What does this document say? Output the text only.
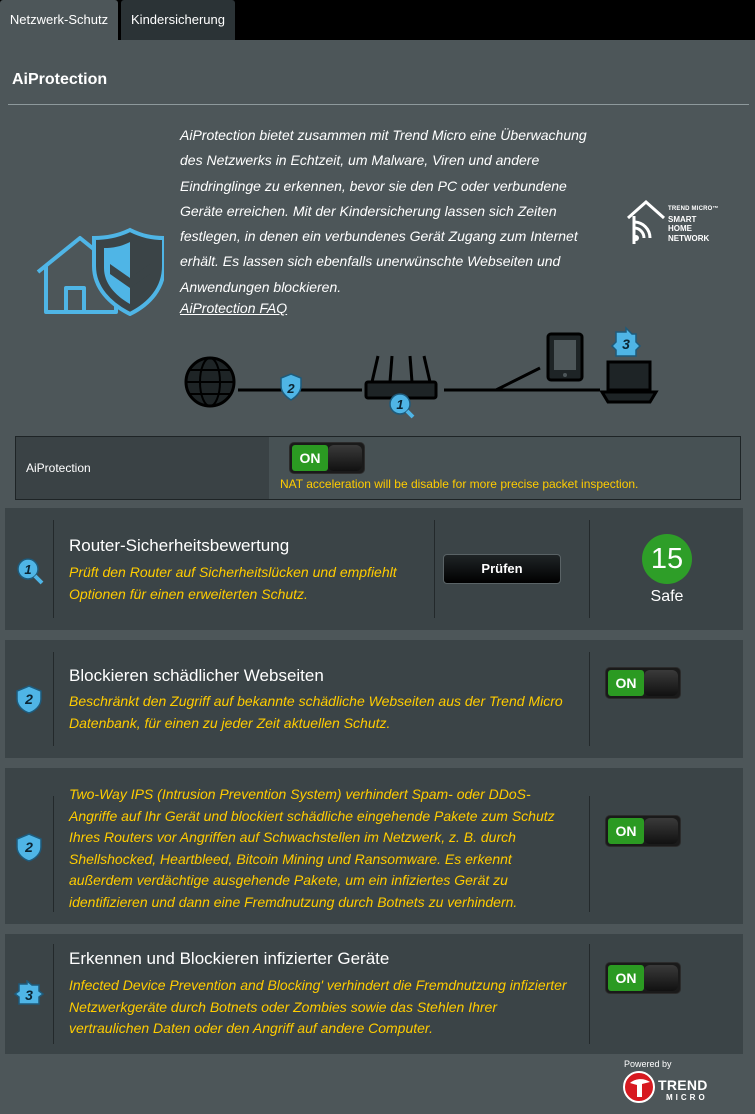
Netzwerk-Schutz	Kindersicherung
AiProtection
AiProtection bietet zusammen mit Trend Micro eine Überwachung
des Netzwerks in Echtzeit, um Malware, Viren und andere
Eindringlinge zu erkennen, bevor sie den PC oder verbundene
Geräte erreichen. Mit der Kindersicherung lassen sich Zeiten
festlegen, in denen ein verbundenes Gerät Zugang zum Internet
erhält. Es lassen sich ebenfalls unerwünschte Webseiten und
Anwendungen blockieren.
AiProtection FAQ
TREND MICRO™
SMART
HOME
NETWORK
2
1
3
AiProtection
ON
NAT acceleration will be disable for more precise packet inspection.
1
Router-Sicherheitsbewertung
Prüft den Router auf Sicherheitslücken und empfiehlt
Optionen für einen erweiterten Schutz.
Prüfen	15
Safe
2
Blockieren schädlicher Webseiten
Beschränkt den Zugriff auf bekannte schädliche Webseiten aus der Trend Micro
Datenbank, für einen zu jeder Zeit aktuellen Schutz.
ON
2
Two-Way IPS (Intrusion Prevention System) verhindert Spam- oder DDoS-
Angriffe auf Ihr Gerät und blockiert schädliche eingehende Pakete zum Schutz
Ihres Routers vor Angriffen auf Schwachstellen im Netzwerk, z. B. durch
Shellshocked, Heartbleed, Bitcoin Mining und Ransomware. Es erkennt
außerdem verdächtige ausgehende Pakete, um ein infiziertes Gerät zu
identifizieren und dann eine Fremdnutzung durch Botnets zu verhindern.
ON
3
Erkennen und Blockieren infizierter Geräte
Infected Device Prevention and Blocking' verhindert die Fremdnutzung infizierter
Netzwerkgeräte durch Botnets oder Zombies sowie das Stehlen Ihrer
vertraulichen Daten oder den Angriff auf andere Computer.
ON
Powered by
TREND
MICRO
